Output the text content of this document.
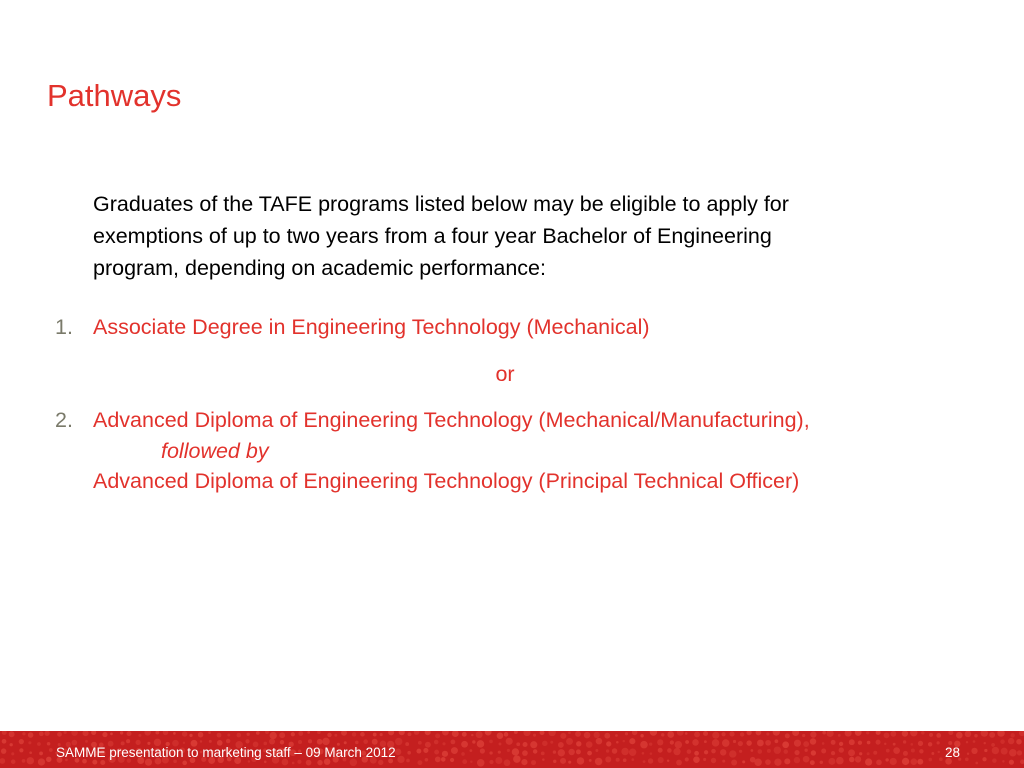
Pathways
Graduates of the TAFE programs listed below may be eligible to apply for
exemptions of up to two years from a four year Bachelor of Engineering
program, depending on academic performance:
1. Associate Degree in Engineering Technology (Mechanical)
or
2. Advanced Diploma of Engineering Technology (Mechanical/Manufacturing),
followed by
Advanced Diploma of Engineering Technology (Principal Technical Officer)
SAMME presentation to marketing staff – 09 March 2012	28
